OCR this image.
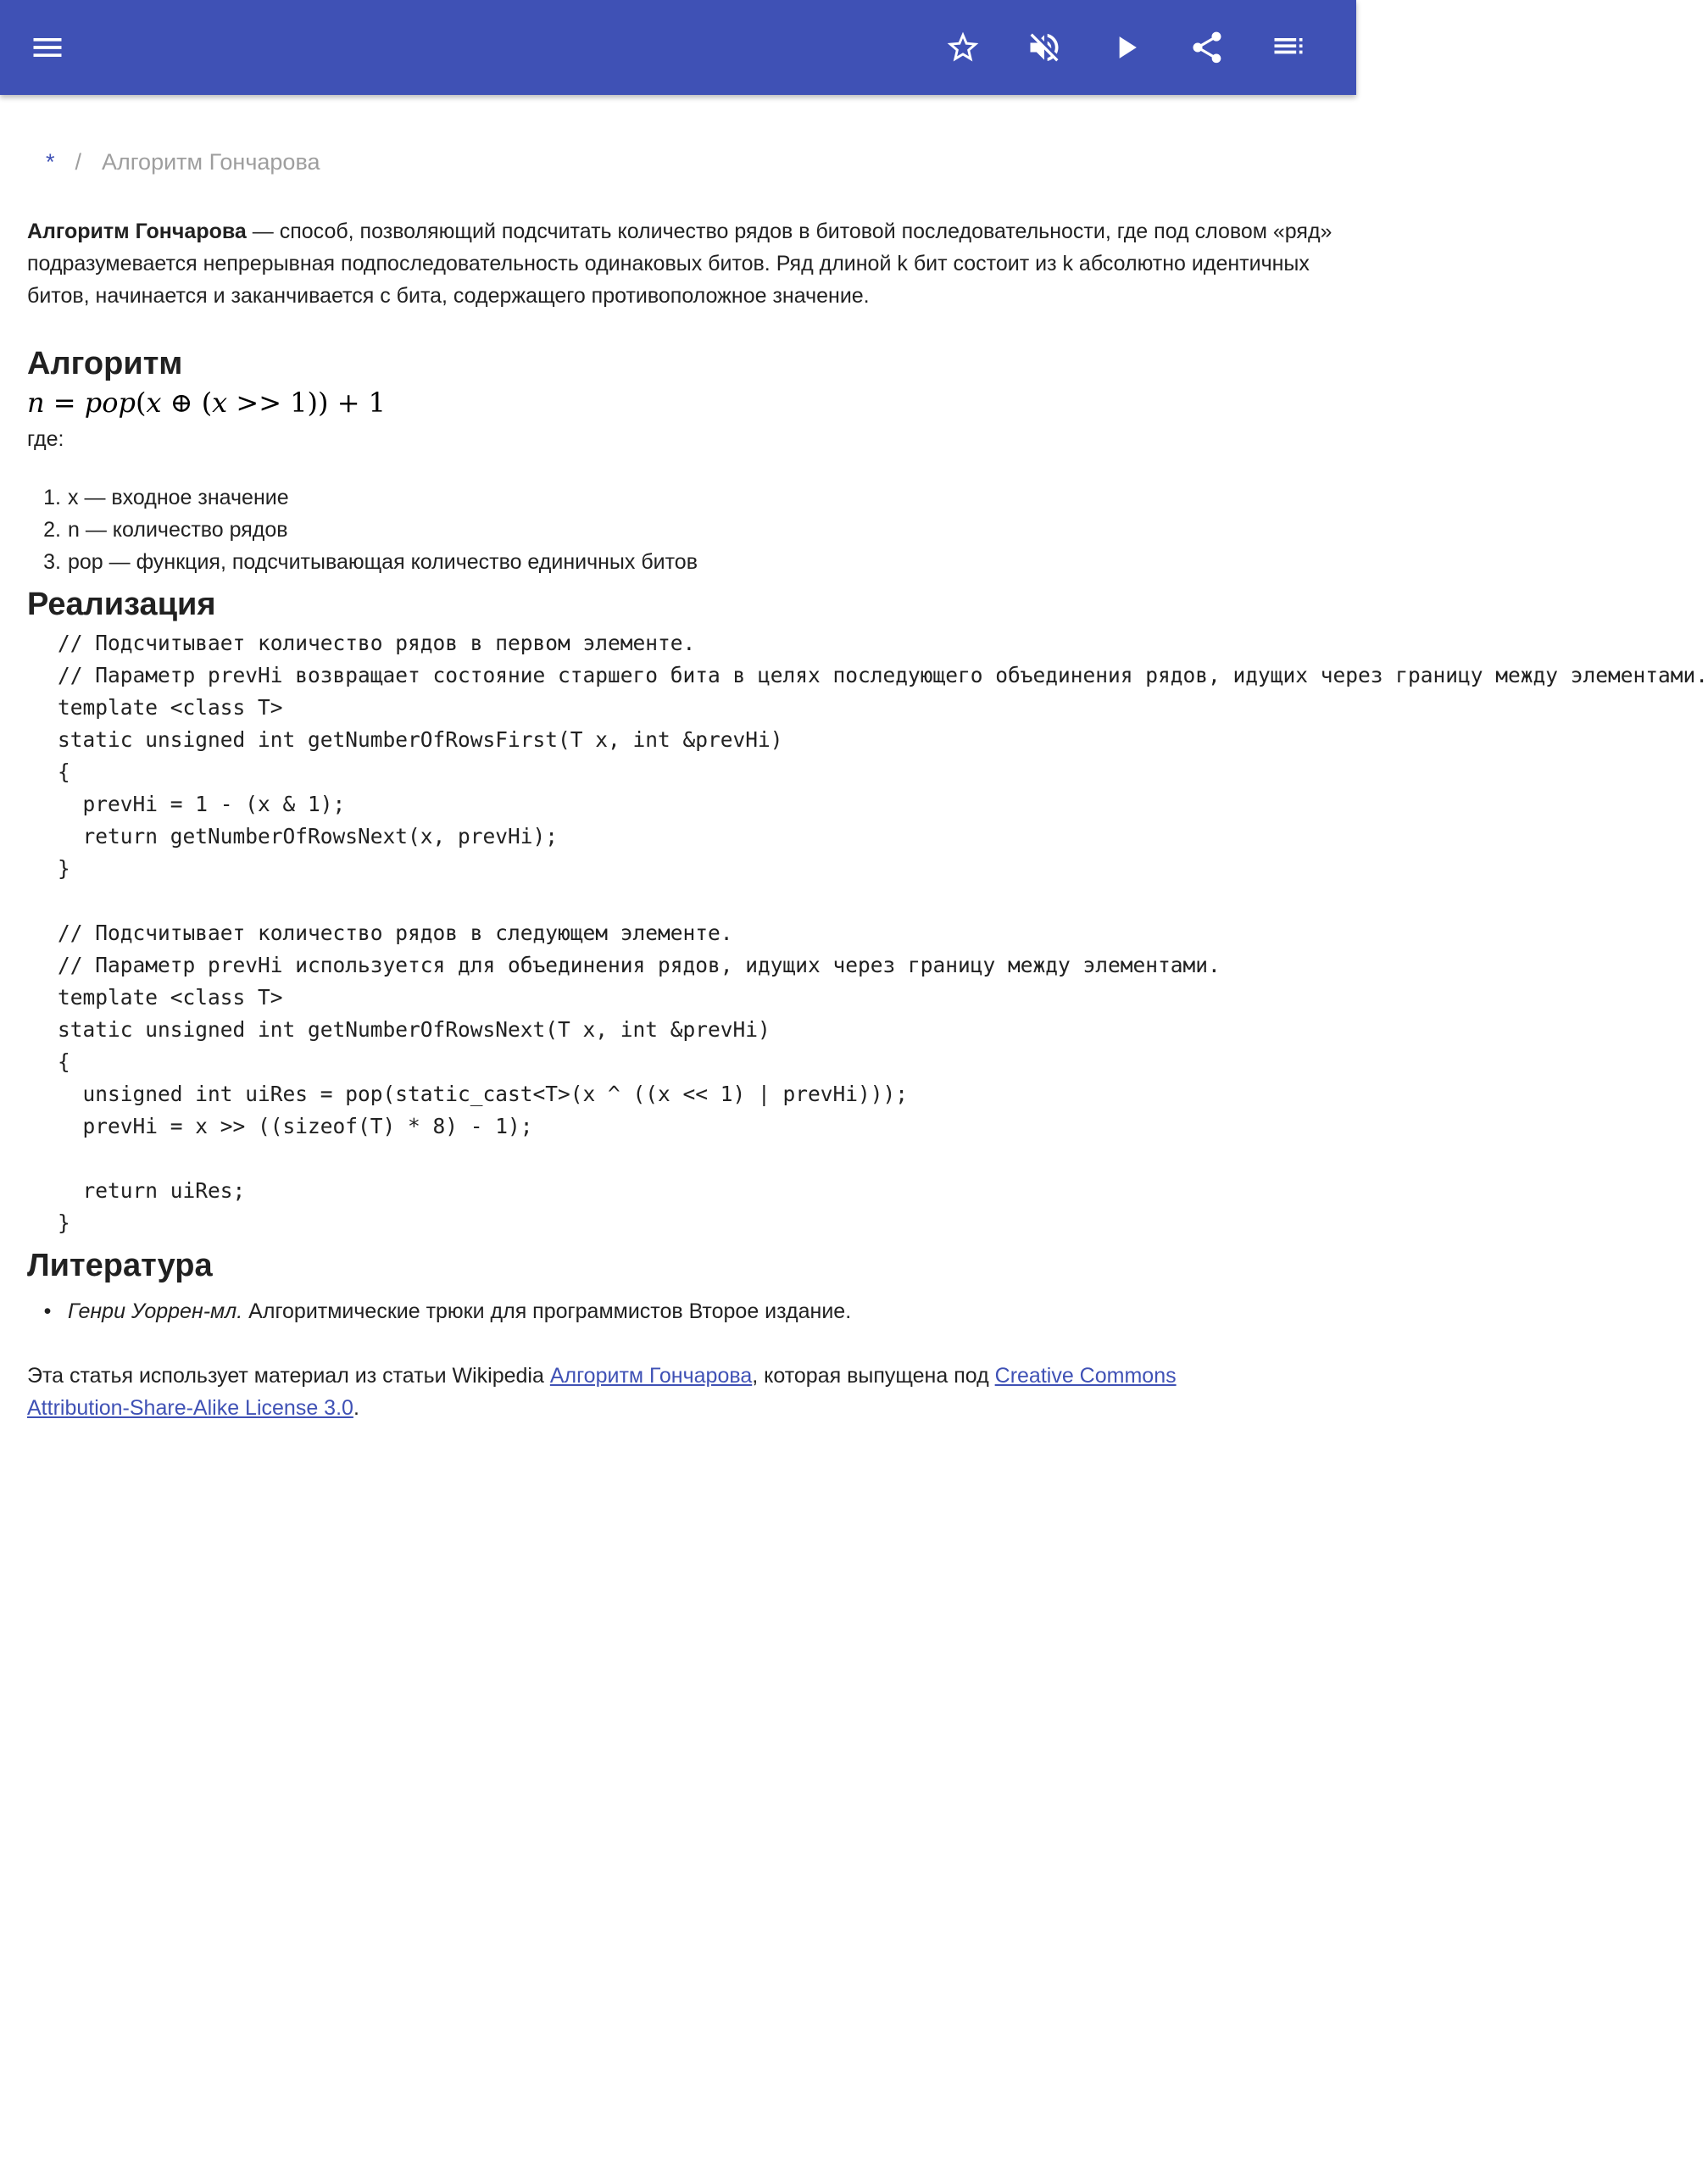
* / Алгоритм Гончарова
Алгоритм Гончарова — способ, позволяющий подсчитать количество рядов в битовой последовательности, где под словом «ряд» подразумевается непрерывная подпоследовательность одинаковых битов. Ряд длиной k бит состоит из k абсолютно идентичных битов, начинается и заканчивается с бита, содержащего противоположное значение.
Алгоритм
n = pop(x ⊕ (x >> 1)) + 1
где:
1. x — входное значение
2. n — количество рядов
3. pop — функция, подсчитывающая количество единичных битов
Реализация
// Подсчитывает количество рядов в первом элементе.
// Параметр prevHi возвращает состояние старшего бита в целях последующего объединения рядов, идущих через границу между элементами.
template <class T>
static unsigned int getNumberOfRowsFirst(T x, int &prevHi)
{
prevHi = 1 - (x & 1);
return getNumberOfRowsNext(x, prevHi);
}
// Подсчитывает количество рядов в следующем элементе.
// Параметр prevHi используется для объединения рядов, идущих через границу между элементами.
template <class T>
static unsigned int getNumberOfRowsNext(T x, int &prevHi)
{
unsigned int uiRes = pop(static_cast<T>(x ^ ((x << 1) | prevHi)));
prevHi = x >> ((sizeof(T) * 8) - 1);
return uiRes;
}
Литература
• Генри Уоррен-мл. Алгоритмические трюки для программистов Второе издание.
Эта статья использует материал из статьи Wikipedia Алгоритм Гончарова, которая выпущена под Creative Commons Attribution-Share-Alike License 3.0.
